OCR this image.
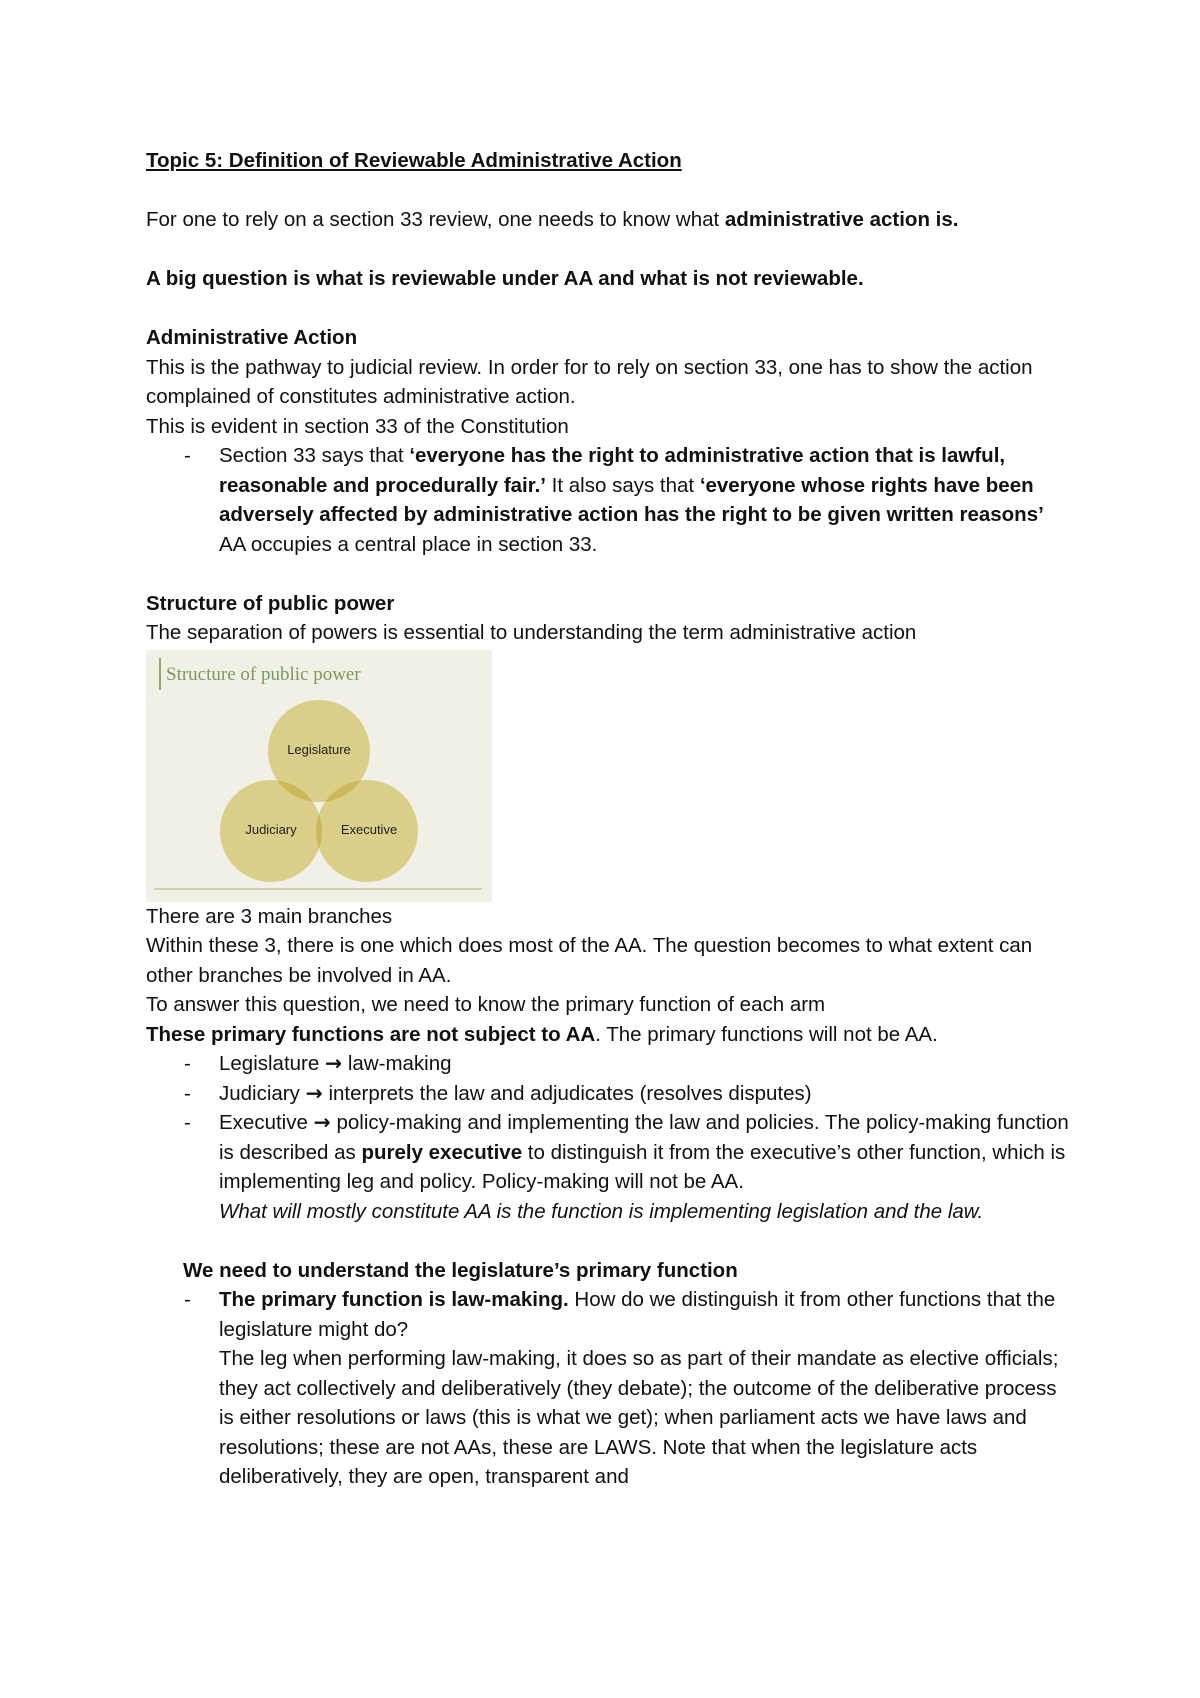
Topic 5: Definition of Reviewable Administrative Action

For one to rely on a section 33 review, one needs to know what administrative action is.

A big question is what is reviewable under AA and what is not reviewable.

Administrative Action

This is the pathway to judicial review. In order for to rely on section 33, one has to show the action complained of constitutes administrative action.

This is evident in section 33 of the Constitution

- Section 33 says that ‘everyone has the right to administrative action that is lawful, reasonable and procedurally fair.’ It also says that ‘everyone whose rights have been adversely affected by administrative action has the right to be given written reasons’
AA occupies a central place in section 33.

Structure of public power

The separation of powers is essential to understanding the term administrative action

Structure of public power
Legislature
Judiciary	Executive

There are 3 main branches

Within these 3, there is one which does most of the AA. The question becomes to what extent can other branches be involved in AA.

To answer this question, we need to know the primary function of each arm

These primary functions are not subject to AA. The primary functions will not be AA.

- Legislature → law-making
- Judiciary → interprets the law and adjudicates (resolves disputes)
- Executive → policy-making and implementing the law and policies. The policy-making function is described as purely executive to distinguish it from the executive’s other function, which is implementing leg and policy. Policy-making will not be AA.
What will mostly constitute AA is the function is implementing legislation and the law.

We need to understand the legislature’s primary function

- The primary function is law-making. How do we distinguish it from other functions that the legislature might do?
The leg when performing law-making, it does so as part of their mandate as elective officials; they act collectively and deliberatively (they debate); the outcome of the deliberative process is either resolutions or laws (this is what we get); when parliament acts we have laws and resolutions; these are not AAs, these are LAWS. Note that when the legislature acts deliberatively, they are open, transparent and
